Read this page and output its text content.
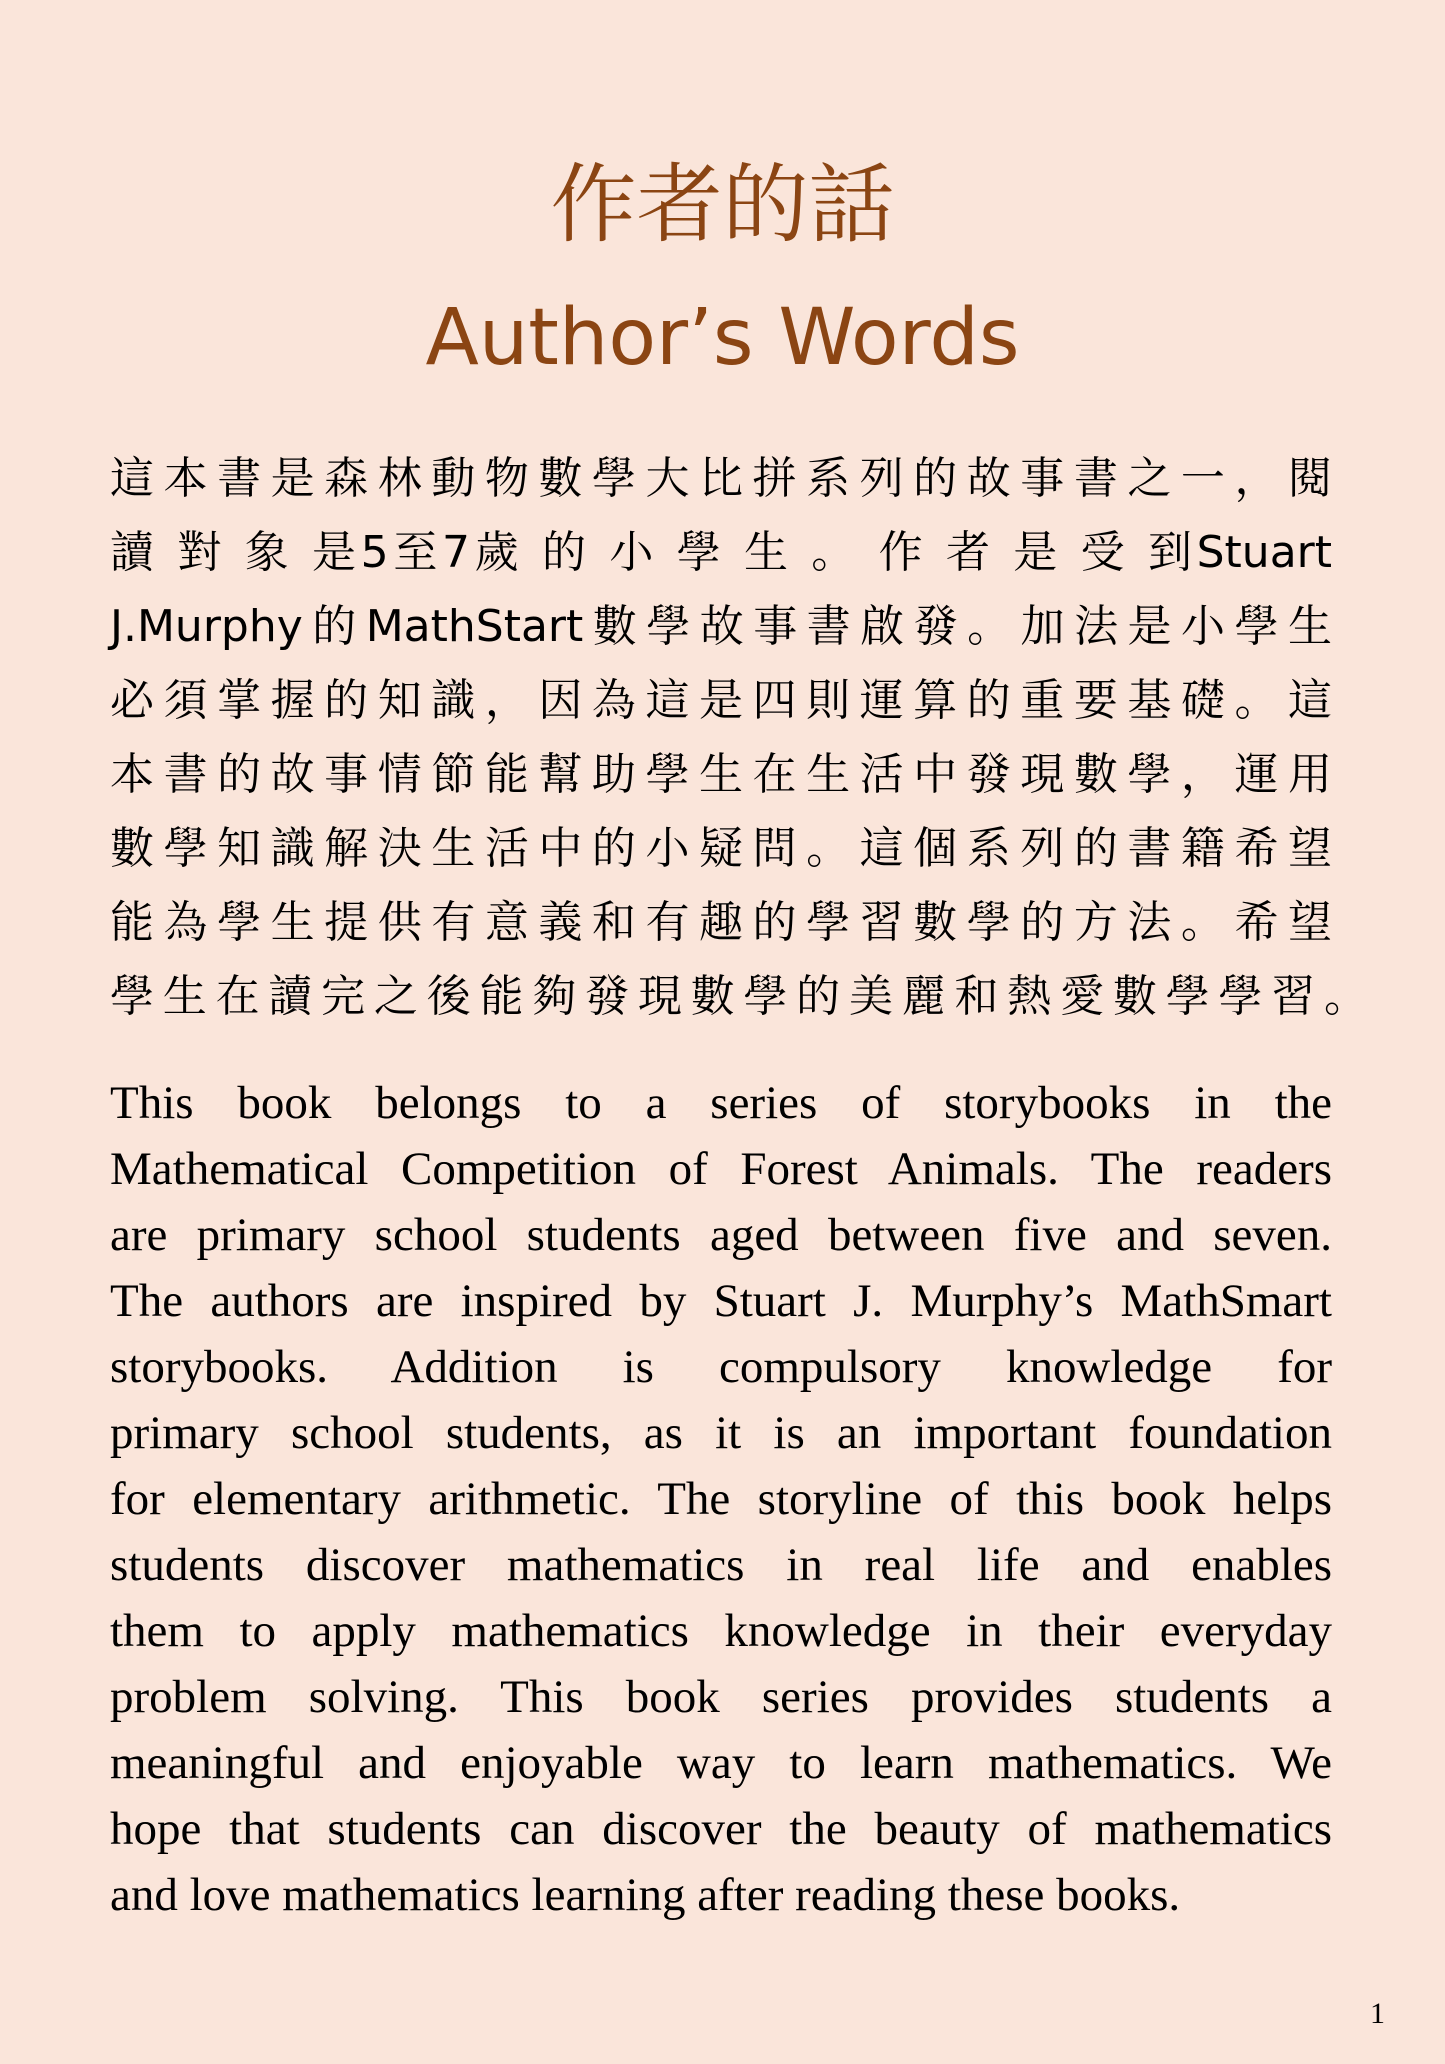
作者的話
Author’s Words
這本書是森林動物數學大比拼系列的故事書之一，閱
讀 對 象 是5至7歲 的 小 學 生 。 作 者 是 受 到Stuart
J.Murphy的MathStart數學故事書啟發。加法是小學生
必須掌握的知識，因為這是四則運算的重要基礎。這
本書的故事情節能幫助學生在生活中發現數學，運用
數學知識解決生活中的小疑問。這個系列的書籍希望
能為學生提供有意義和有趣的學習數學的方法。希望
學生在讀完之後能夠發現數學的美麗和熱愛數學學習。
This book belongs to a series of storybooks in the
Mathematical Competition of Forest Animals. The readers
are primary school students aged between five and seven.
The authors are inspired by Stuart J. Murphy’s MathSmart
storybooks. Addition is compulsory knowledge for
primary school students, as it is an important foundation
for elementary arithmetic. The storyline of this book helps
students discover mathematics in real life and enables
them to apply mathematics knowledge in their everyday
problem solving. This book series provides students a
meaningful and enjoyable way to learn mathematics. We
hope that students can discover the beauty of mathematics
and love mathematics learning after reading these books.
1
